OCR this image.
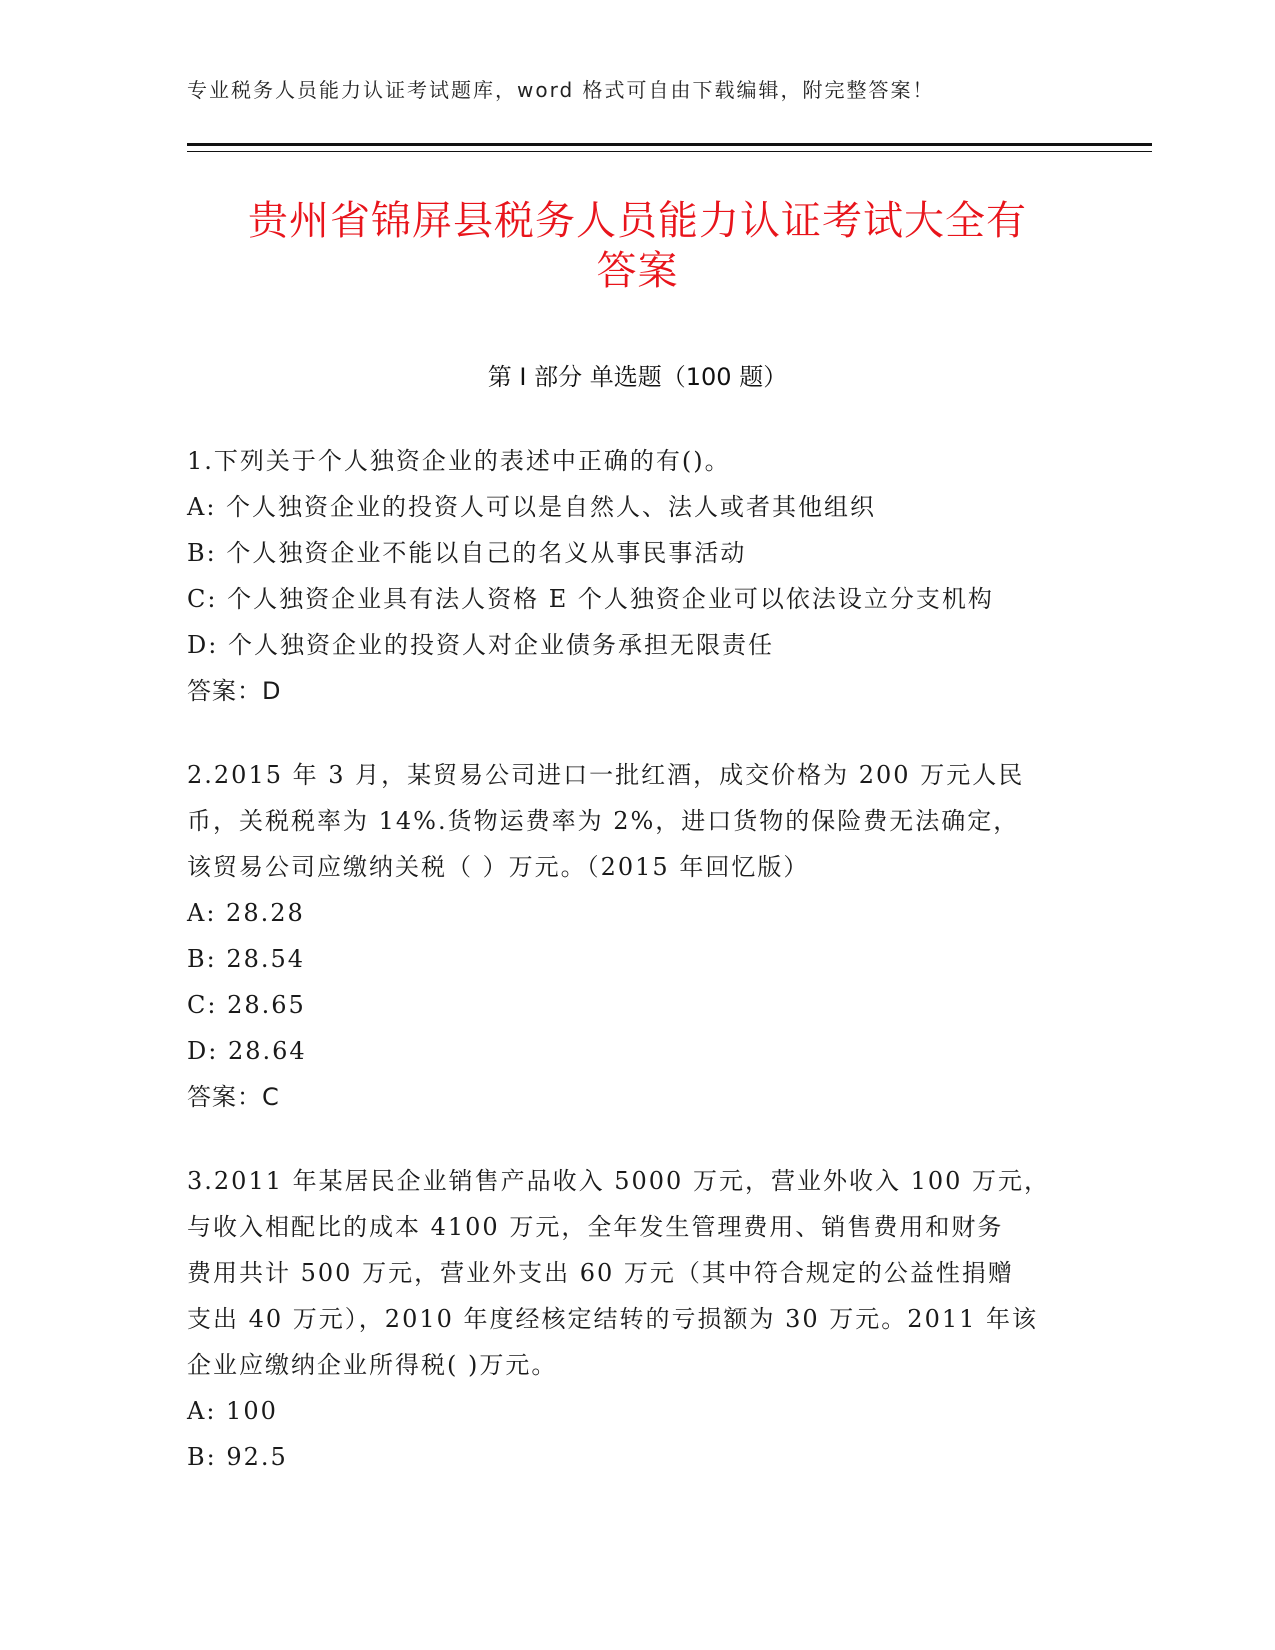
专业税务人员能力认证考试题库，word 格式可自由下载编辑，附完整答案！
贵州省锦屏县税务人员能力认证考试大全有
答案
第 I 部分 单选题（100 题）
1.下列关于个人独资企业的表述中正确的有()。
A: 个人独资企业的投资人可以是自然人、法人或者其他组织
B: 个人独资企业不能以自己的名义从事民事活动
C: 个人独资企业具有法人资格 E 个人独资企业可以依法设立分支机构
D: 个人独资企业的投资人对企业债务承担无限责任
答案：D
2.2015 年 3 月，某贸易公司进口一批红酒，成交价格为 200 万元人民
币，关税税率为 14%.货物运费率为 2%，进口货物的保险费无法确定，
该贸易公司应缴纳关税（ ）万元。（2015 年回忆版）
A: 28.28
B: 28.54
C: 28.65
D: 28.64
答案：C
3.2011 年某居民企业销售产品收入 5000 万元，营业外收入 100 万元，
与收入相配比的成本 4100 万元，全年发生管理费用、销售费用和财务
费用共计 500 万元，营业外支出 60 万元（其中符合规定的公益性捐赠
支出 40 万元），2010 年度经核定结转的亏损额为 30 万元。2011 年该
企业应缴纳企业所得税( )万元。
A: 100
B: 92.5
